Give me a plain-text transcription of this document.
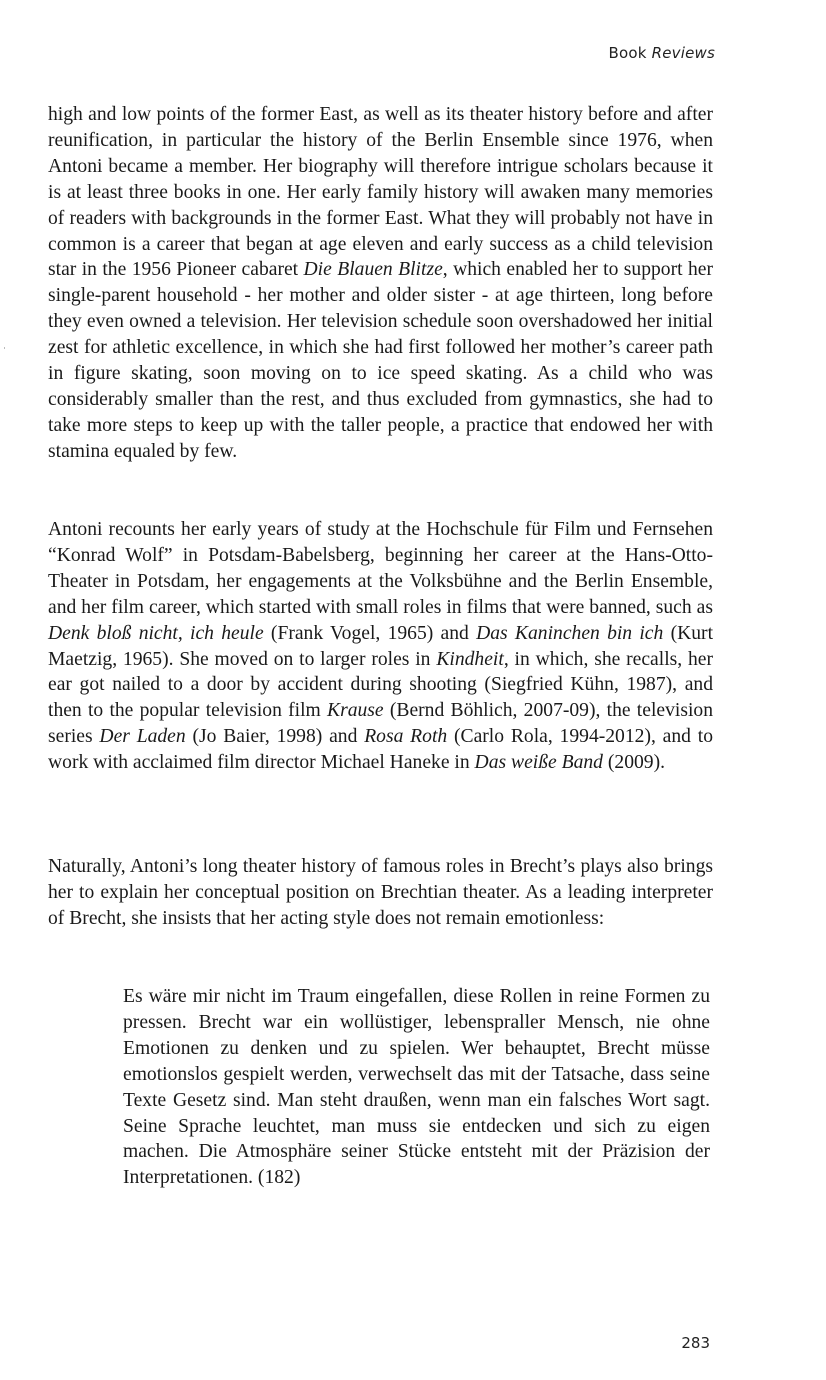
Book Reviews

high and low points of the former East, as well as its theater history before and after reunification, in particular the history of the Berlin Ensemble since 1976, when Antoni became a member. Her biography will therefore intrigue scholars because it is at least three books in one. Her early family history will awaken many memories of readers with backgrounds in the former East. What they will probably not have in common is a career that began at age eleven and early success as a child television star in the 1956 Pioneer cabaret Die Blauen Blitze, which enabled her to support her single-parent household - her mother and older sister - at age thirteen, long before they even owned a television. Her television schedule soon overshadowed her initial zest for athletic excellence, in which she had first followed her mother’s career path in figure skating, soon moving on to ice speed skating. As a child who was considerably smaller than the rest, and thus excluded from gymnastics, she had to take more steps to keep up with the taller people, a practice that endowed her with stamina equaled by few.

Antoni recounts her early years of study at the Hochschule für Film und Fernsehen “Konrad Wolf” in Potsdam-Babelsberg, beginning her career at the Hans-Otto-Theater in Potsdam, her engagements at the Volksbühne and the Berlin Ensemble, and her film career, which started with small roles in films that were banned, such as Denk bloß nicht, ich heule (Frank Vogel, 1965) and Das Kaninchen bin ich (Kurt Maetzig, 1965). She moved on to larger roles in Kindheit, in which, she recalls, her ear got nailed to a door by accident during shooting (Siegfried Kühn, 1987), and then to the popular television film Krause (Bernd Böhlich, 2007-09), the television series Der Laden (Jo Baier, 1998) and Rosa Roth (Carlo Rola, 1994-2012), and to work with acclaimed film director Michael Haneke in Das weiße Band (2009).

Naturally, Antoni’s long theater history of famous roles in Brecht’s plays also brings her to explain her conceptual position on Brechtian theater. As a leading interpreter of Brecht, she insists that her acting style does not remain emotionless:

Es wäre mir nicht im Traum eingefallen, diese Rollen in reine Formen zu pressen. Brecht war ein wollüstiger, lebenspraller Mensch, nie ohne Emotionen zu denken und zu spielen. Wer behauptet, Brecht müsse emotionslos gespielt werden, verwechselt das mit der Tatsache, dass seine Texte Gesetz sind. Man steht draußen, wenn man ein falsches Wort sagt. Seine Sprache leuchtet, man muss sie entdecken und sich zu eigen machen. Die Atmosphäre seiner Stücke entsteht mit der Präzision der Interpretationen. (182)

283
